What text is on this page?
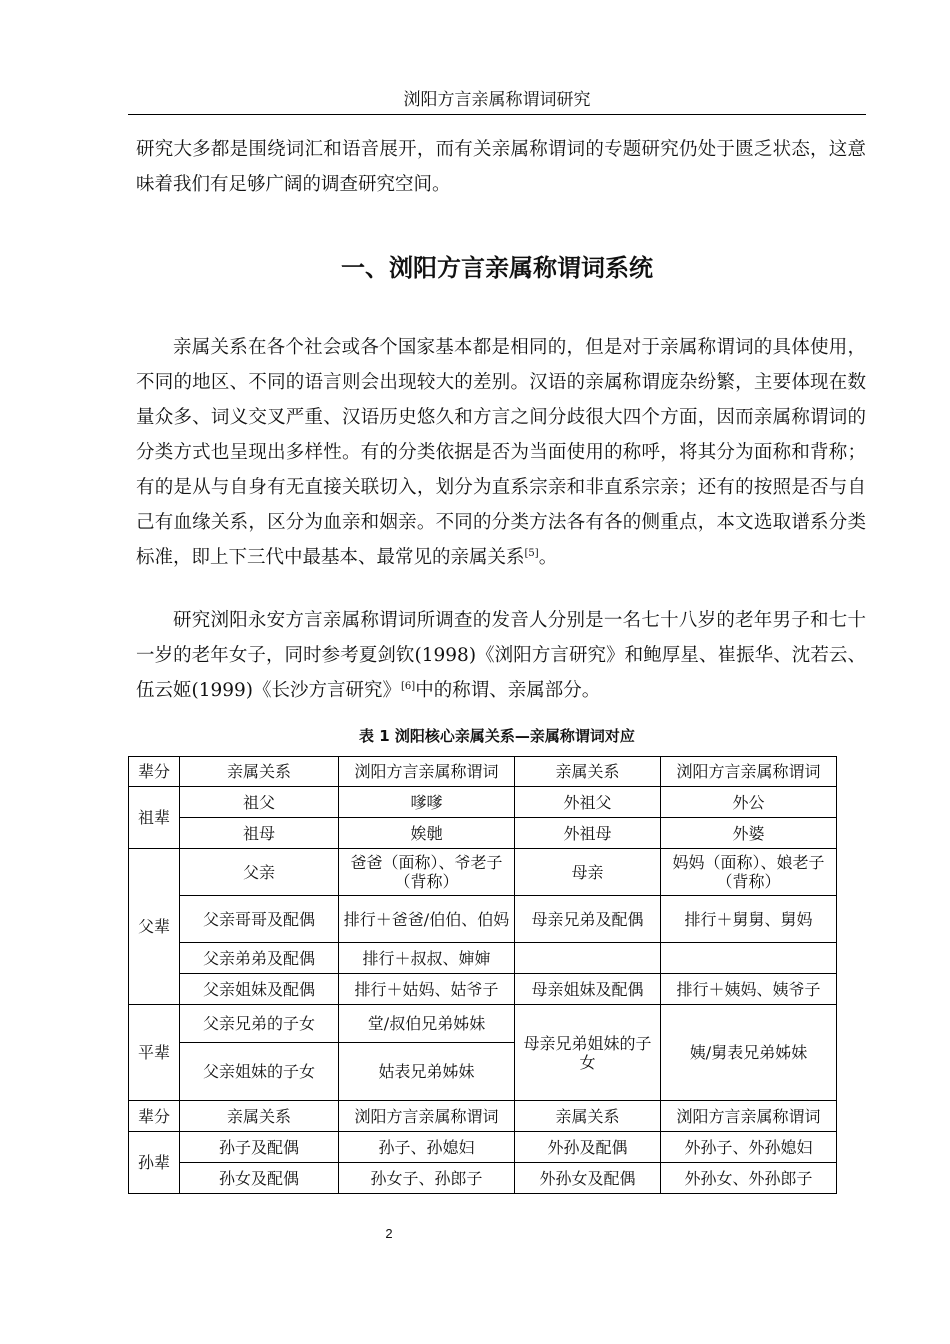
浏阳方言亲属称谓词研究

研究大多都是围绕词汇和语音展开，而有关亲属称谓词的专题研究仍处于匮乏状态，这意味着我们有足够广阔的调查研究空间。

一、浏阳方言亲属称谓词系统

亲属关系在各个社会或各个国家基本都是相同的，但是对于亲属称谓词的具体使用，不同的地区、不同的语言则会出现较大的差别。汉语的亲属称谓庞杂纷繁，主要体现在数量众多、词义交叉严重、汉语历史悠久和方言之间分歧很大四个方面，因而亲属称谓词的分类方式也呈现出多样性。有的分类依据是否为当面使用的称呼，将其分为面称和背称；有的是从与自身有无直接关联切入，划分为直系宗亲和非直系宗亲；还有的按照是否与自己有血缘关系，区分为血亲和姻亲。不同的分类方法各有各的侧重点，本文选取谱系分类标准，即上下三代中最基本、最常见的亲属关系[5]。

研究浏阳永安方言亲属称谓词所调查的发音人分别是一名七十八岁的老年男子和七十一岁的老年女子，同时参考夏剑钦(1998)《浏阳方言研究》和鲍厚星、崔振华、沈若云、伍云姬(1999)《长沙方言研究》[6]中的称谓、亲属部分。

表 1 浏阳核心亲属关系—亲属称谓词对应
辈分	亲属关系	浏阳方言亲属称谓词	亲属关系	浏阳方言亲属称谓词
祖辈	祖父	嗲嗲	外祖父	外公
	祖母	娭毑	外祖母	外婆
父辈	父亲	爸爸（面称）、爷老子（背称）	母亲	妈妈（面称）、娘老子（背称）
	父亲哥哥及配偶	排行＋爸爸/伯伯、伯妈	母亲兄弟及配偶	排行＋舅舅、舅妈
	父亲弟弟及配偶	排行＋叔叔、婶婶		
	父亲姐妹及配偶	排行＋姑妈、姑爷子	母亲姐妹及配偶	排行＋姨妈、姨爷子
平辈	父亲兄弟的子女	堂/叔伯兄弟姊妹	母亲兄弟姐妹的子女	姨/舅表兄弟姊妹
	父亲姐妹的子女	姑表兄弟姊妹		
辈分	亲属关系	浏阳方言亲属称谓词	亲属关系	浏阳方言亲属称谓词
孙辈	孙子及配偶	孙子、孙媳妇	外孙及配偶	外孙子、外孙媳妇
	孙女及配偶	孙女子、孙郎子	外孙女及配偶	外孙女、外孙郎子
2
